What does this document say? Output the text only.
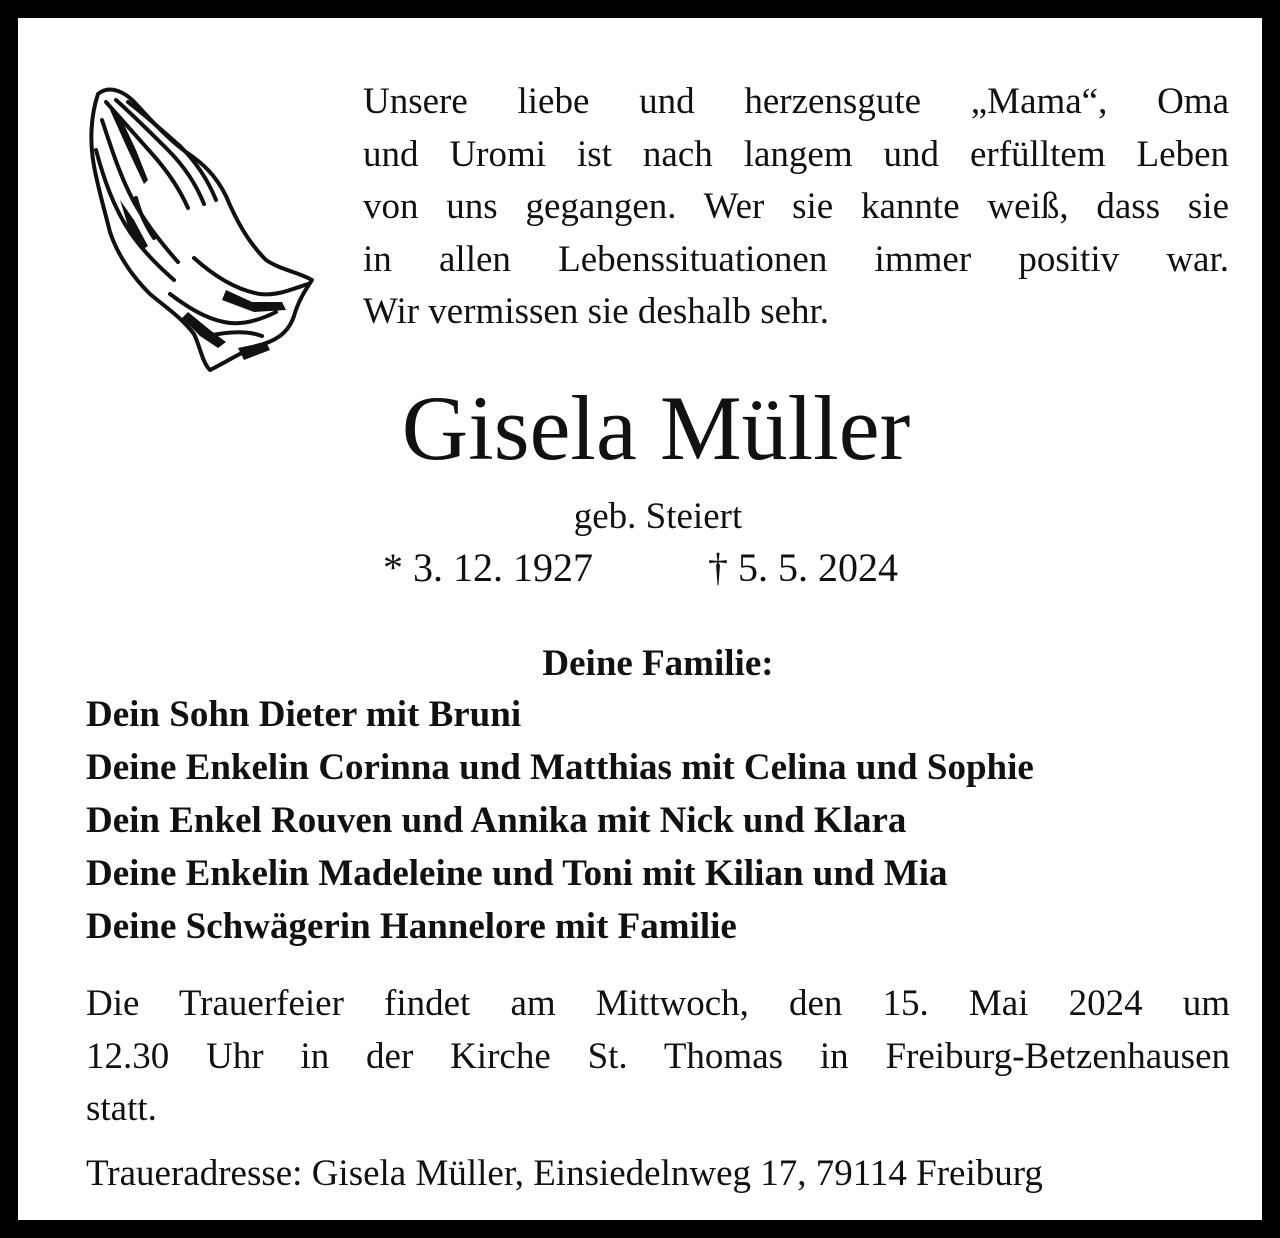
Unsere liebe und herzensgute „Mama“, Oma
und Uromi ist nach langem und erfülltem Leben
von uns gegangen. Wer sie kannte weiß, dass sie
in allen Lebenssituationen immer positiv war.
Wir vermissen sie deshalb sehr.
Gisela Müller
geb. Steiert
* 3. 12. 1927	† 5. 5. 2024
Deine Familie:
Dein Sohn Dieter mit Bruni
Deine Enkelin Corinna und Matthias mit Celina und Sophie
Dein Enkel Rouven und Annika mit Nick und Klara
Deine Enkelin Madeleine und Toni mit Kilian und Mia
Deine Schwägerin Hannelore mit Familie
Die Trauerfeier findet am Mittwoch, den 15. Mai 2024 um
12.30 Uhr in der Kirche St. Thomas in Freiburg-Betzenhausen
statt.
Traueradresse: Gisela Müller, Einsiedelnweg 17, 79114 Freiburg
